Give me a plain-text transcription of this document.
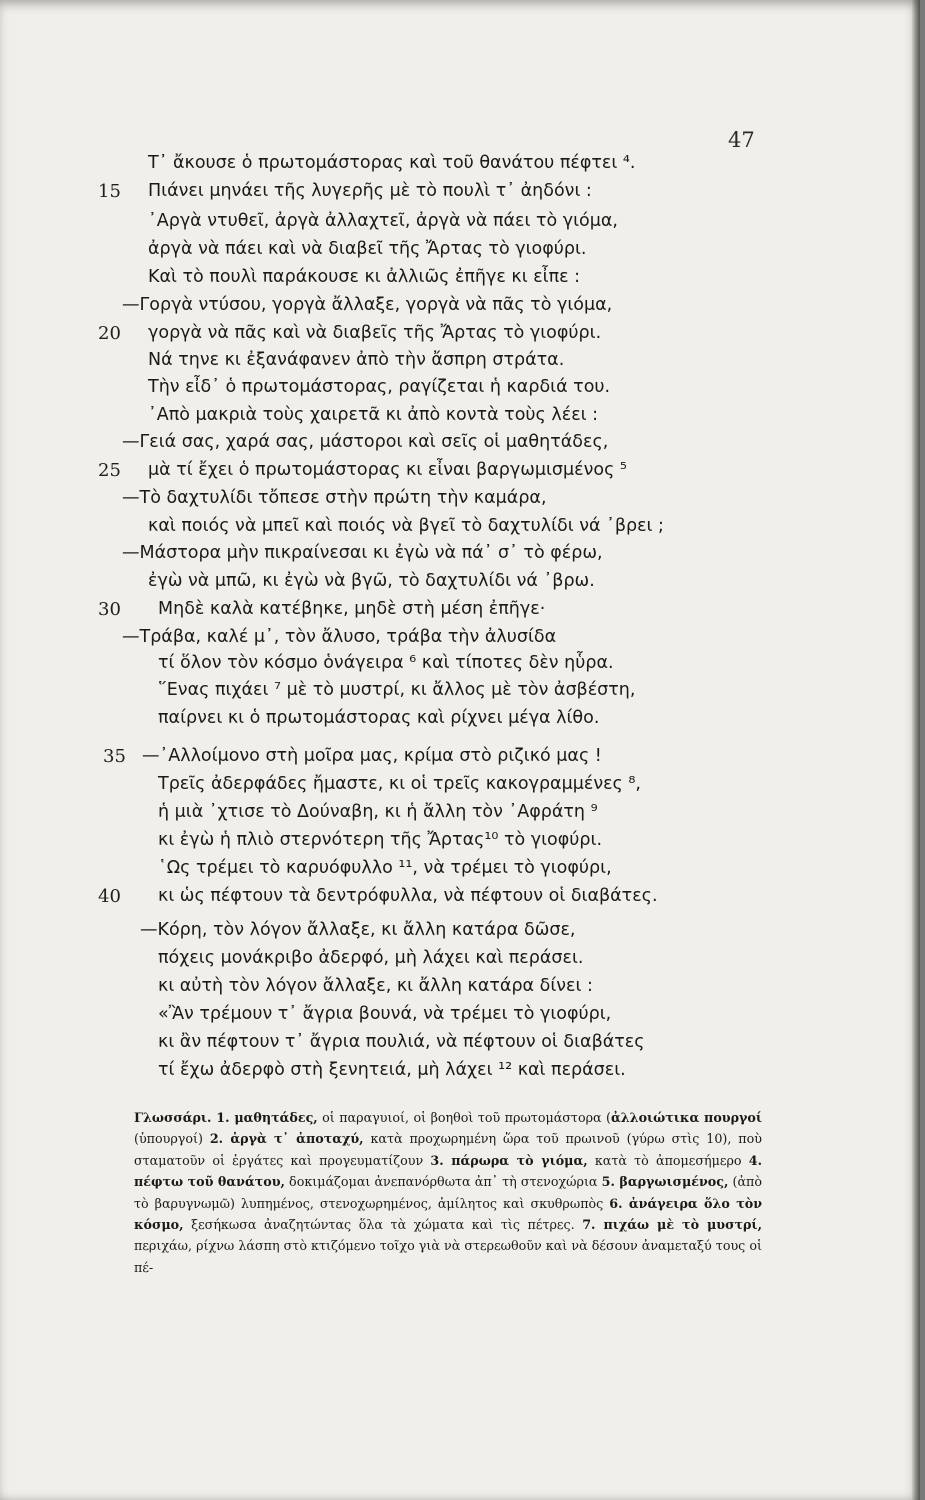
47
Τ᾽ ἄκουσε ὁ πρωτομάστορας καὶ τοῦ θανάτου πέφτει ⁴.
15	Πιάνει μηνάει τῆς λυγερῆς μὲ τὸ πουλὶ τ᾽ ἀηδόνι :
᾿Αργὰ ντυθεῖ, ἀργὰ ἀλλαχτεῖ, ἀργὰ νὰ πάει τὸ γιόμα,
ἀργὰ νὰ πάει καὶ νὰ διαβεῖ τῆς Ἄρτας τὸ γιοφύρι.
Καὶ τὸ πουλὶ παράκουσε κι ἀλλιῶς ἐπῆγε κι εἶπε :
—Γοργὰ ντύσου, γοργὰ ἄλλαξε, γοργὰ νὰ πᾶς τὸ γιόμα,
20	γοργὰ νὰ πᾶς καὶ νὰ διαβεῖς τῆς Ἄρτας τὸ γιοφύρι.
Νά τηνε κι ἐξανάφανεν ἀπὸ τὴν ἄσπρη στράτα.
Τὴν εἶδ᾽ ὁ πρωτομάστορας, ραγίζεται ἡ καρδιά του.
᾿Απὸ μακριὰ τοὺς χαιρετᾶ κι ἀπὸ κοντὰ τοὺς λέει :
—Γειά σας, χαρά σας, μάστοροι καὶ σεῖς οἱ μαθητάδες,
25	μὰ τί ἔχει ὁ πρωτομάστορας κι εἶναι βαργωμισμένος ⁵
—Τὸ δαχτυλίδι τὄπεσε στὴν πρώτη τὴν καμάρα,
καὶ ποιός νὰ μπεῖ καὶ ποιός νὰ βγεῖ τὸ δαχτυλίδι νά ᾽βρει ;
—Μάστορα μὴν πικραίνεσαι κι ἐγὼ νὰ πά᾽ σ᾽ τὸ φέρω,
ἐγὼ νὰ μπῶ, κι ἐγὼ νὰ βγῶ, τὸ δαχτυλίδι νά ᾽βρω.
30	Μηδὲ καλὰ κατέβηκε, μηδὲ στὴ μέση ἐπῆγε·
—Τράβα, καλέ μ᾽, τὸν ἄλυσο, τράβα τὴν ἀλυσίδα
τί ὅλον τὸν κόσμο ὁνάγειρα ⁶ καὶ τίποτες δὲν ηὗρα.
῞Ενας πιχάει ⁷ μὲ τὸ μυστρί, κι ἄλλος μὲ τὸν ἀσβέστη,
παίρνει κι ὁ πρωτομάστορας καὶ ρίχνει μέγα λίθο.
35 —᾿Αλλοίμονο στὴ μοῖρα μας, κρίμα στὸ ριζικό μας !
Τρεῖς ἀδερφάδες ἤμαστε, κι οἱ τρεῖς κακογραμμένες ⁸,
ἡ μιὰ ᾽χτισε τὸ Δούναβη, κι ἡ ἄλλη τὸν ᾽Αφράτη ⁹
κι ἐγὼ ἡ πλιὸ στερνότερη τῆς Ἄρτας¹⁰ τὸ γιοφύρι.
῾Ως τρέμει τὸ καρυόφυλλο ¹¹, νὰ τρέμει τὸ γιοφύρι,
40	κι ὡς πέφτουν τὰ δεντρόφυλλα, νὰ πέφτουν οἱ διαβάτες.
—Κόρη, τὸν λόγον ἄλλαξε, κι ἄλλη κατάρα δῶσε,
πόχεις μονάκριβο ἀδερφό, μὴ λάχει καὶ περάσει.
κι αὐτὴ τὸν λόγον ἄλλαξε, κι ἄλλη κατάρα δίνει :
«Ἂν τρέμουν τ᾽ ἄγρια βουνά, νὰ τρέμει τὸ γιοφύρι,
κι ἂν πέφτουν τ᾽ ἄγρια πουλιά, νὰ πέφτουν οἱ διαβάτες
τί ἔχω ἀδερφὸ στὴ ξενητειά, μὴ λάχει ¹² καὶ περάσει.
Γλωσσάρι. 1. μαθητάδες, οἱ παραγυιοί, οἱ βοηθοὶ τοῦ πρωτομάστορα (ἀλλοιώτικα πουργοί (ὑπουργοί) 2. ἀργὰ τ᾽ ἀποταχύ, κατὰ προχωρημένη ὥρα τοῦ πρωινοῦ (γύρω στὶς 10), ποὺ σταματοῦν οἱ ἐργάτες καὶ προγευματίζουν 3. πάρωρα τὸ γιόμα, κατὰ τὸ ἀπομεσήμερο 4. πέφτω τοῦ θανάτου, δοκιμάζομαι ἀνεπανόρθωτα ἀπ᾽ τὴ στενοχώρια 5. βαργωισμένος, (ἀπὸ τὸ βαρυγνωμῶ) λυπημένος, στενοχωρημένος, ἀμίλητος καὶ σκυθρωπὸς 6. ἀνάγειρα ὅλο τὸν κόσμο, ξεσήκωσα ἀναζητώντας ὅλα τὰ χώματα καὶ τὶς πέτρες. 7. πιχάω μὲ τὸ μυστρί, περιχάω, ρίχνω λάσπη στὸ κτιζόμενο τοῖχο γιὰ νὰ στερεωθοῦν καὶ νὰ δέσουν ἀναμεταξύ τους οἱ πέ-
